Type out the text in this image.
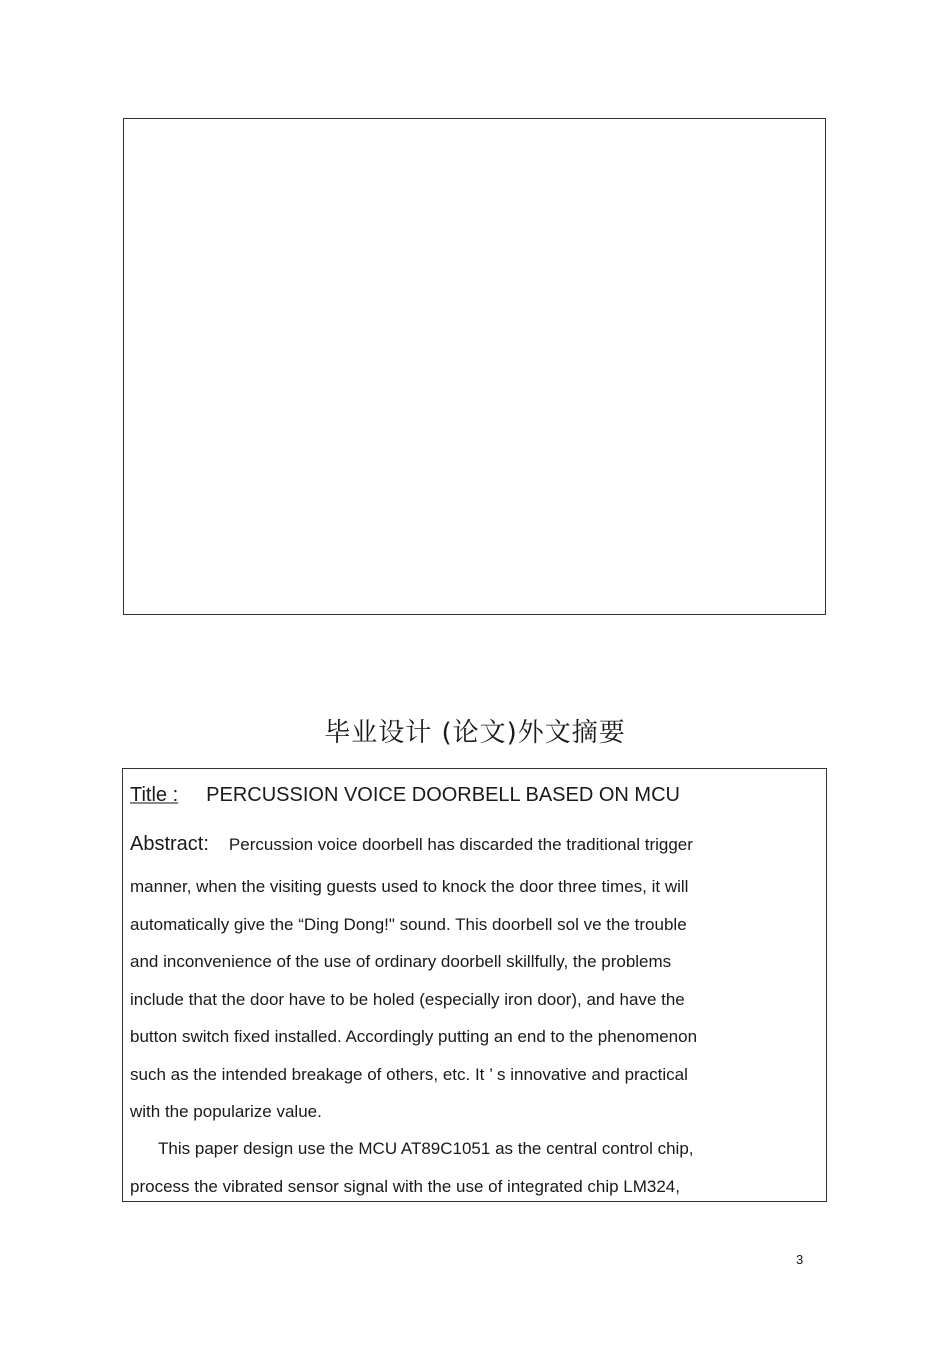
毕业设计 (论文)外文摘要
Title : PERCUSSION VOICE DOORBELL BASED ON MCU
Abstract: Percussion voice doorbell has discarded the traditional trigger
manner, when the visiting guests used to knock the door three times, it will
automatically give the “Ding Dong!" sound. This doorbell sol ve the trouble
and inconvenience of the use of ordinary doorbell skillfully, the problems
include that the door have to be holed (especially iron door), and have the
button switch fixed installed. Accordingly putting an end to the phenomenon
such as the intended breakage of others, etc. It ’ s innovative and practical
with the popularize value.
This paper design use the MCU AT89C1051 as the central control chip,
process the vibrated sensor signal with the use of integrated chip LM324,
3
